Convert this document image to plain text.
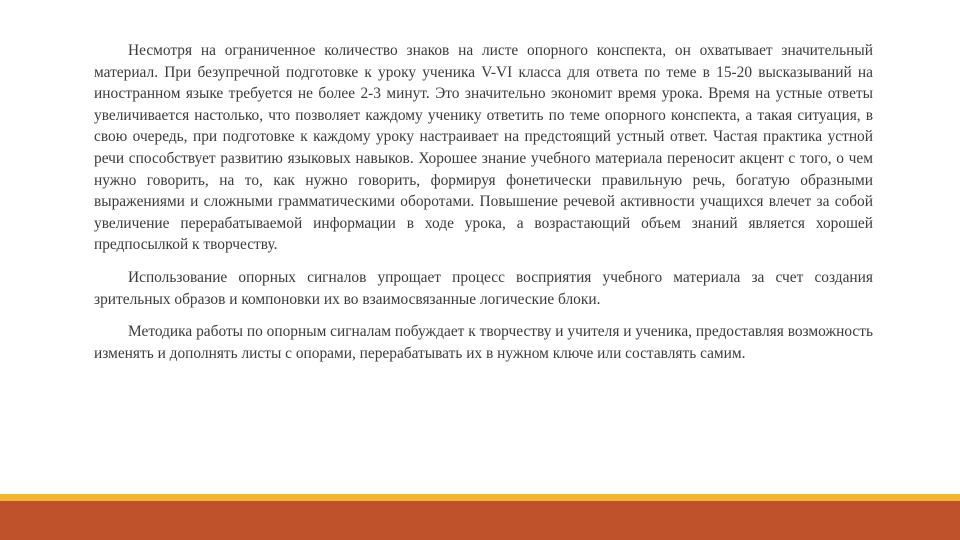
Несмотря на ограниченное количество знаков на листе опорного конспекта, он охватывает значительный материал. При безупречной подготовке к уроку ученика V-VI класса для ответа по теме в 15-20 высказываний на иностранном языке требуется не более 2-3 минут. Это значительно экономит время урока. Время на устные ответы увеличивается настолько, что позволяет каждому ученику ответить по теме опорного конспекта, а такая ситуация, в свою очередь, при подготовке к каждому уроку настраивает на предстоящий устный ответ. Частая практика устной речи способствует развитию языковых навыков. Хорошее знание учебного материала переносит акцент с того, о чем нужно говорить, на то, как нужно говорить, формируя фонетически правильную речь, богатую образными выражениями и сложными грамматическими оборотами. Повышение речевой активности учащихся влечет за собой увеличение перерабатываемой информации в ходе урока, а возрастающий объем знаний является хорошей предпосылкой к творчеству.

Использование опорных сигналов упрощает процесс восприятия учебного материала за счет создания зрительных образов и компоновки их во взаимосвязанные логические блоки.

Методика работы по опорным сигналам побуждает к творчеству и учителя и ученика, предоставляя возможность изменять и дополнять листы с опорами, перерабатывать их в нужном ключе или составлять самим.
